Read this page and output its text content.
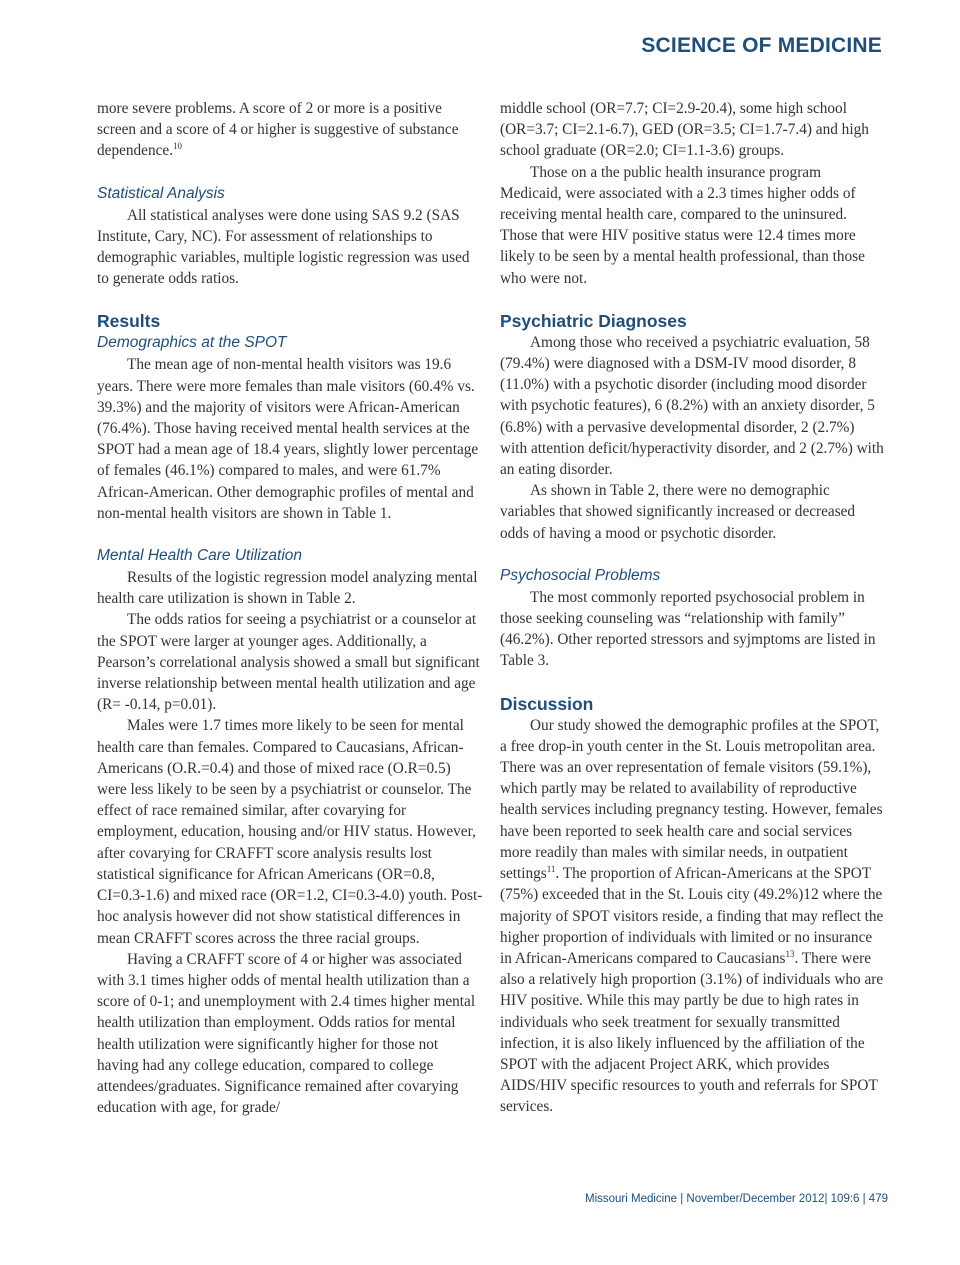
SCIENCE OF MEDICINE

more severe problems. A score of 2 or more is a positive screen and a score of 4 or higher is suggestive of substance dependence.$^{10}$

Statistical Analysis

All statistical analyses were done using SAS 9.2 (SAS Institute, Cary, NC). For assessment of relationships to demographic variables, multiple logistic regression was used to generate odds ratios.

Results
Demographics at the SPOT

The mean age of non-mental health visitors was 19.6 years. There were more females than male visitors (60.4% vs. 39.3%) and the majority of visitors were African-American (76.4%). Those having received mental health services at the SPOT had a mean age of 18.4 years, slightly lower percentage of females (46.1%) compared to males, and were 61.7% African-American. Other demographic profiles of mental and non-mental health visitors are shown in Table 1.

Mental Health Care Utilization

Results of the logistic regression model analyzing mental health care utilization is shown in Table 2.

The odds ratios for seeing a psychiatrist or a counselor at the SPOT were larger at younger ages. Additionally, a Pearson’s correlational analysis showed a small but significant inverse relationship between mental health utilization and age (R= -0.14, p=0.01).

Males were 1.7 times more likely to be seen for mental health care than females. Compared to Caucasians, African-Americans (O.R.=0.4) and those of mixed race (O.R=0.5) were less likely to be seen by a psychiatrist or counselor. The effect of race remained similar, after covarying for employment, education, housing and/or HIV status. However, after covarying for CRAFFT score analysis results lost statistical significance for African Americans (OR=0.8, CI=0.3-1.6) and mixed race (OR=1.2, CI=0.3-4.0) youth. Post-hoc analysis however did not show statistical differences in mean CRAFFT scores across the three racial groups.

Having a CRAFFT score of 4 or higher was associated with 3.1 times higher odds of mental health utilization than a score of 0-1; and unemployment with 2.4 times higher mental health utilization than employment. Odds ratios for mental health utilization were significantly higher for those not having had any college education, compared to college attendees/graduates. Significance remained after covarying education with age, for grade/

middle school (OR=7.7; CI=2.9-20.4), some high school (OR=3.7; CI=2.1-6.7), GED (OR=3.5; CI=1.7-7.4) and high school graduate (OR=2.0; CI=1.1-3.6) groups.

Those on a the public health insurance program Medicaid, were associated with a 2.3 times higher odds of receiving mental health care, compared to the uninsured. Those that were HIV positive status were 12.4 times more likely to be seen by a mental health professional, than those who were not.

Psychiatric Diagnoses

Among those who received a psychiatric evaluation, 58 (79.4%) were diagnosed with a DSM-IV mood disorder, 8 (11.0%) with a psychotic disorder (including mood disorder with psychotic features), 6 (8.2%) with an anxiety disorder, 5 (6.8%) with a pervasive developmental disorder, 2 (2.7%) with attention deficit/hyperactivity disorder, and 2 (2.7%) with an eating disorder.

As shown in Table 2, there were no demographic variables that showed significantly increased or decreased odds of having a mood or psychotic disorder.

Psychosocial Problems

The most commonly reported psychosocial problem in those seeking counseling was “relationship with family” (46.2%). Other reported stressors and syjmptoms are listed in Table 3.

Discussion

Our study showed the demographic profiles at the SPOT, a free drop-in youth center in the St. Louis metropolitan area. There was an over representation of female visitors (59.1%), which partly may be related to availability of reproductive health services including pregnancy testing. However, females have been reported to seek health care and social services more readily than males with similar needs, in outpatient settings$^{11}$. The proportion of African-Americans at the SPOT (75%) exceeded that in the St. Louis city (49.2%)12 where the majority of SPOT visitors reside, a finding that may reflect the higher proportion of individuals with limited or no insurance in African-Americans compared to Caucasians$^{13}$. There were also a relatively high proportion (3.1%) of individuals who are HIV positive. While this may partly be due to high rates in individuals who seek treatment for sexually transmitted infection, it is also likely influenced by the affiliation of the SPOT with the adjacent Project ARK, which provides AIDS/HIV specific resources to youth and referrals for SPOT services.

Missouri Medicine | November/December 2012| 109:6 | 479
